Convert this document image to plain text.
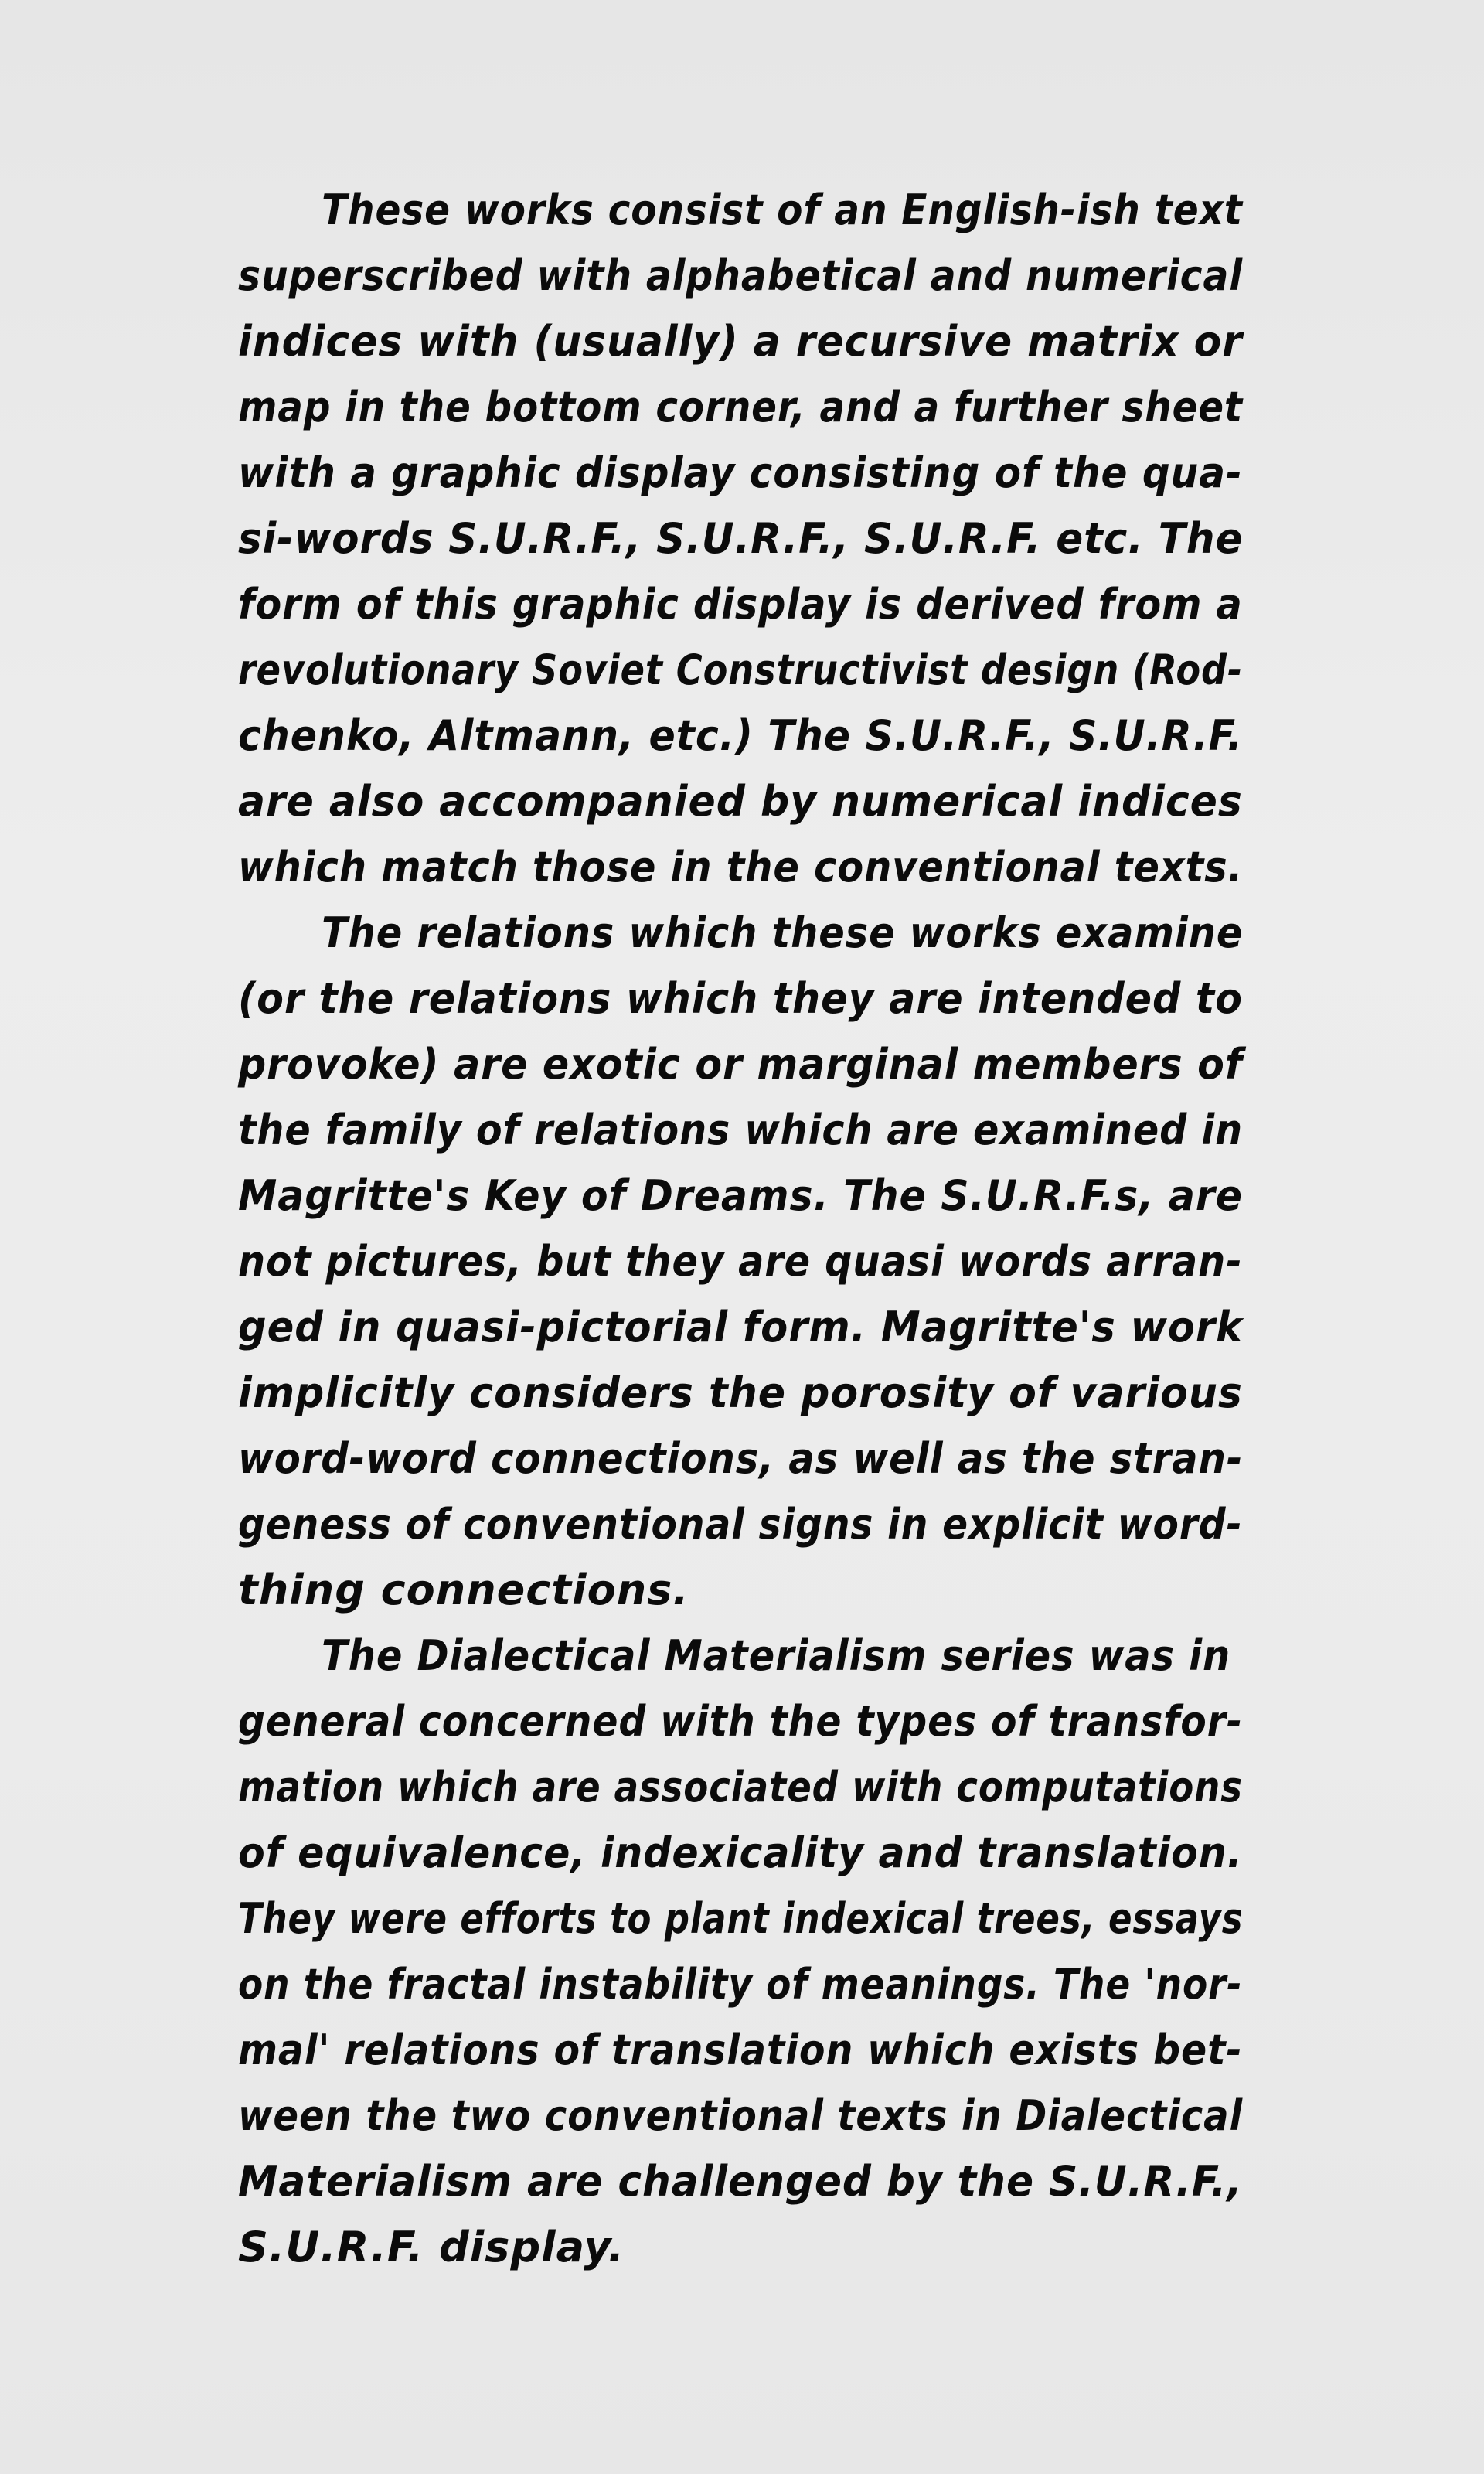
These works consist of an English-ish text
superscribed with alphabetical and numerical
indices with (usually) a recursive matrix or
map in the bottom corner, and a further sheet
with a graphic display consisting of the qua-
si-words S.U.R.F., S.U.R.F., S.U.R.F. etc. The
form of this graphic display is derived from a
revolutionary Soviet Constructivist design (Rod-
chenko, Altmann, etc.) The S.U.R.F., S.U.R.F.
are also accompanied by numerical indices
which match those in the conventional texts.
The relations which these works examine
(or the relations which they are intended to
provoke) are exotic or marginal members of
the family of relations which are examined in
Magritte's Key of Dreams. The S.U.R.F.s, are
not pictures, but they are quasi words arran-
ged in quasi-pictorial form. Magritte's work
implicitly considers the porosity of various
word-word connections, as well as the stran-
geness of conventional signs in explicit word-
thing connections.
The Dialectical Materialism series was in
general concerned with the types of transfor-
mation which are associated with computations
of equivalence, indexicality and translation.
They were efforts to plant indexical trees, essays
on the fractal instability of meanings. The 'nor-
mal' relations of translation which exists bet-
ween the two conventional texts in Dialectical
Materialism are challenged by the S.U.R.F.,
S.U.R.F. display.
